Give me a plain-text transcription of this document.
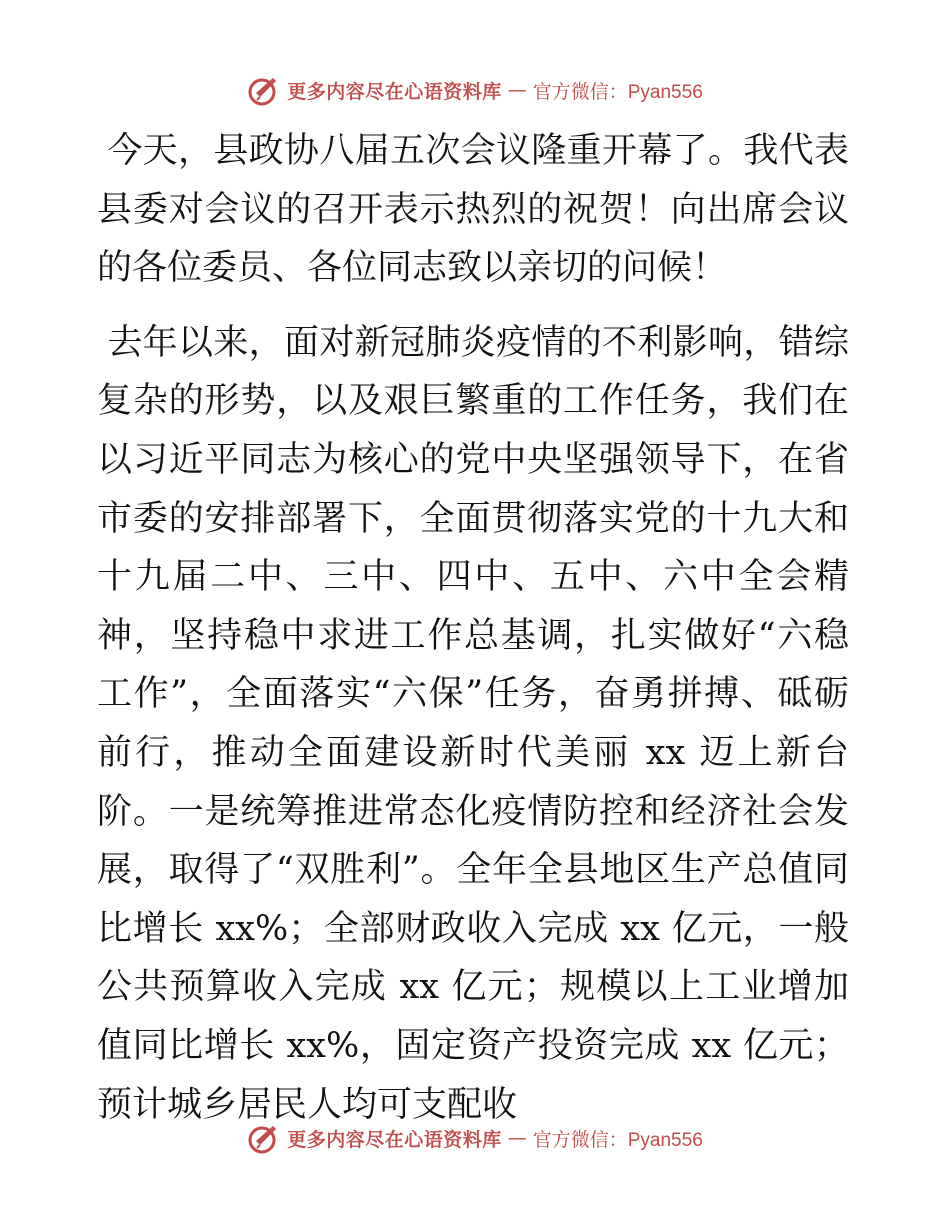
更多内容尽在心语资料库 — 官方微信：Pyan556

今天，县政协八届五次会议隆重开幕了。我代表县委对会议的召开表示热烈的祝贺！向出席会议的各位委员、各位同志致以亲切的问候！

去年以来，面对新冠肺炎疫情的不利影响，错综复杂的形势，以及艰巨繁重的工作任务，我们在以习近平同志为核心的党中央坚强领导下，在省市委的安排部署下，全面贯彻落实党的十九大和十九届二中、三中、四中、五中、六中全会精神，坚持稳中求进工作总基调，扎实做好“六稳工作”，全面落实“六保”任务，奋勇拼搏、砥砺前行，推动全面建设新时代美丽 xx 迈上新台阶。一是统筹推进常态化疫情防控和经济社会发展，取得了“双胜利”。全年全县地区生产总值同比增长 xx%；全部财政收入完成 xx 亿元，一般公共预算收入完成 xx 亿元；规模以上工业增加值同比增长 xx%，固定资产投资完成 xx 亿元；预计城乡居民人均可支配收

更多内容尽在心语资料库 — 官方微信：Pyan556
